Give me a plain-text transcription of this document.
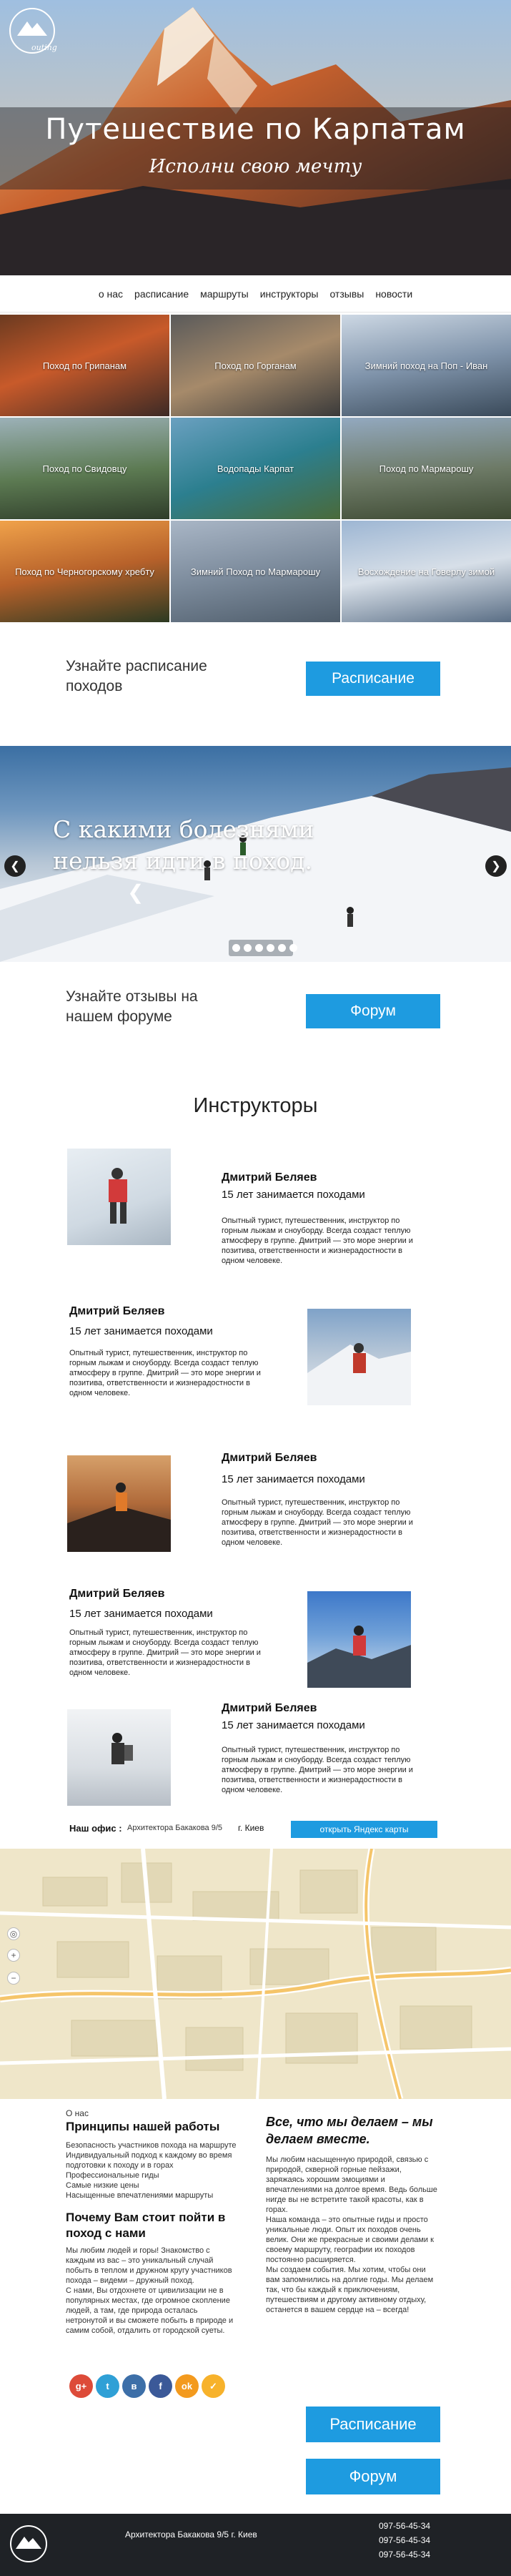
outing
Путешествие по Карпатам
Исполни свою мечту
о нас расписание маршруты инструкторы отзывы новости
Поход по Грипанам	Поход по Горганам	Зимний поход на Поп - Иван
Поход по Свидовцу	Водопады Карпат	Поход по Мармарошу
Поход по Черногорскому хребту	Зимний Поход по Мармарошу	Восхождение на Говерлу зимой
Узнайте расписание походов	Расписание
С какими болезнями нельзя идти в поход.
❮	❯
❮
Узнайте отзывы на нашем форуме	Форум
Инструкторы
Дмитрий Беляев
15 лет занимается походами
Опытный турист, путешественник, инструктор по горным лыжам и сноуборду. Всегда создаст теплую атмосферу в группе. Дмитрий — это море энергии и позитива, ответственности и жизнерадостности в одном человеке.
Дмитрий Беляев
15 лет занимается походами
Опытный турист, путешественник, инструктор по горным лыжам и сноуборду. Всегда создаст теплую атмосферу в группе. Дмитрий — это море энергии и позитива, ответственности и жизнерадостности в одном человеке.
Дмитрий Беляев
15 лет занимается походами
Опытный турист, путешественник, инструктор по горным лыжам и сноуборду. Всегда создаст теплую атмосферу в группе. Дмитрий — это море энергии и позитива, ответственности и жизнерадостности в одном человеке.
Дмитрий Беляев
15 лет занимается походами
Опытный турист, путешественник, инструктор по горным лыжам и сноуборду. Всегда создаст теплую атмосферу в группе. Дмитрий — это море энергии и позитива, ответственности и жизнерадостности в одном человеке.
Дмитрий Беляев
15 лет занимается походами
Опытный турист, путешественник, инструктор по горным лыжам и сноуборду. Всегда создаст теплую атмосферу в группе. Дмитрий — это море энергии и позитива, ответственности и жизнерадостности в одном человеке.
Наш офис : Архитектора Бакакова 9/5 г. Киев	открыть Яндекс карты
◎
+
−
О нас
Принципы нашей работы
Безопасность участников похода на маршруте
Индивидуальный подход к каждому во время подготовки к походу и в горах
Профессиональные гиды
Самые низкие цены
Насыщенные впечатлениями маршруты
Почему Вам стоит пойти в поход с нами
Мы любим людей и горы! Знакомство с каждым из вас – это уникальный случай побыть в теплом и дружном кругу участников похода – видеми – дружный поход.
С нами, Вы отдохнете от цивилизации не в популярных местах, где огромное скопление людей, а там, где природа осталась нетронутой и вы сможете побыть в природе и самим собой, отдалить от городской суеты.
Все, что мы делаем – мы делаем вместе.
Мы любим насыщенную природой, связью с природой, скверной горные пейзажи, заряжаясь хорошим эмоциями и впечатлениями на долгое время. Ведь больше нигде вы не встретите такой красоты, как в горах.
Наша команда – это опытные гиды и просто уникальные люди. Опыт их походов очень велик. Они же прекрасные и своими делами к своему маршруту, географии их походов постоянно расширяется.
Мы создаем события. Мы хотим, чтобы они вам запомнились на долгие годы. Мы делаем так, что бы каждый к приключениям, путешествиям и другому активному отдыху, останется в вашем сердце на – всегда!
Расписание
Форум
g+	t	в	f	ok	✓
Архитектора Бакакова 9/5 г. Киев
097-56-45-34
097-56-45-34
097-56-45-34
